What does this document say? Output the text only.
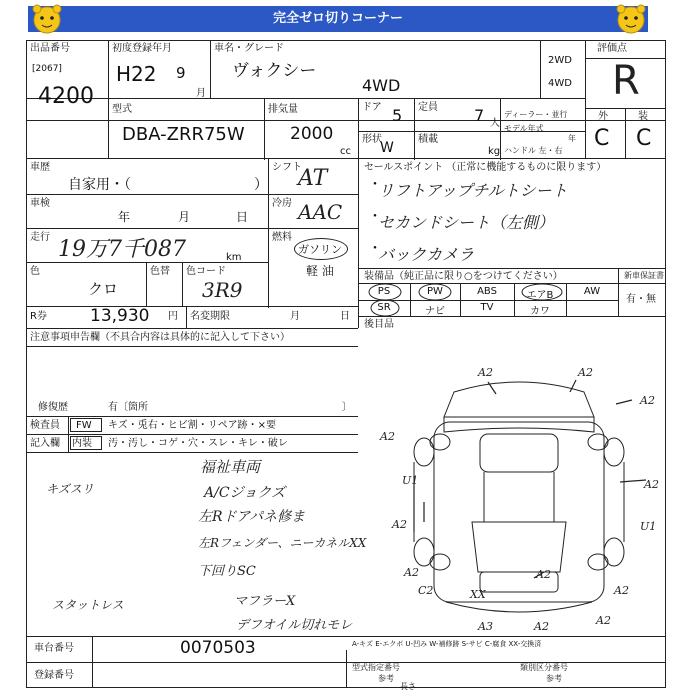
完全ゼロ切りコーナー
出品番号
[2067]
4200
初度登録年月
H22 9
月
車名・グレード
ヴォクシー
4WD
2WD
4WD
評価点
R
外	装
C C
型式
DBA-ZRR75W
排気量
2000
cc
ドア 5 定員 7 人
形状
W
積載
kg
ディーラー・並行
モデル年式
年
ハンドル 左・右
車歴
自家用・（	）
シフト
AT
車検
年	月	日
冷房 AAC
走行 19万7千087	km
燃料
ガソリン
軽 油
色
クロ
色替 色コード
3R9
R券	13,930 円 名変期限	月	日
セールスポイント （正常に機能するものに限ります）
リフトアップチルトシート
セカンドシート（左側）
バックカメラ
・
・
・
装備品（純正品に限り○をつけてください）
PS	PW	ABS	エアB	AW
SR	ナビ	TV	カワ
新車保証書
有・無
後目品
注意事項申告欄（不具合内容は具体的に記入して下さい）
修復歴	有〔箇所	〕
検査員
記入欄
FW
内装
キズ・兎右・ヒビ割・リペア跡・×要
汚・汚し・コゲ・穴・スレ・キレ・破レ
福祉車両
A/Cジョクズ
左Rドアパネ修ま
左Rフェンダー、ニーカネルXX
下回りSC
マフラーX
デフオイル切れモレ
キズスリ
スタットレス
A2	A2
A2
A2
U1	A2
A2	U1
A2	A2
C2	XX
A3	A2	A2
A2
車台番号	0070503
登録番号
A-キズ E-エクボ U-凹み W-補修跡 S-サビ C-腐食 XX-交換済
型式指定番号
参考
類別区分番号
参考
長さ
